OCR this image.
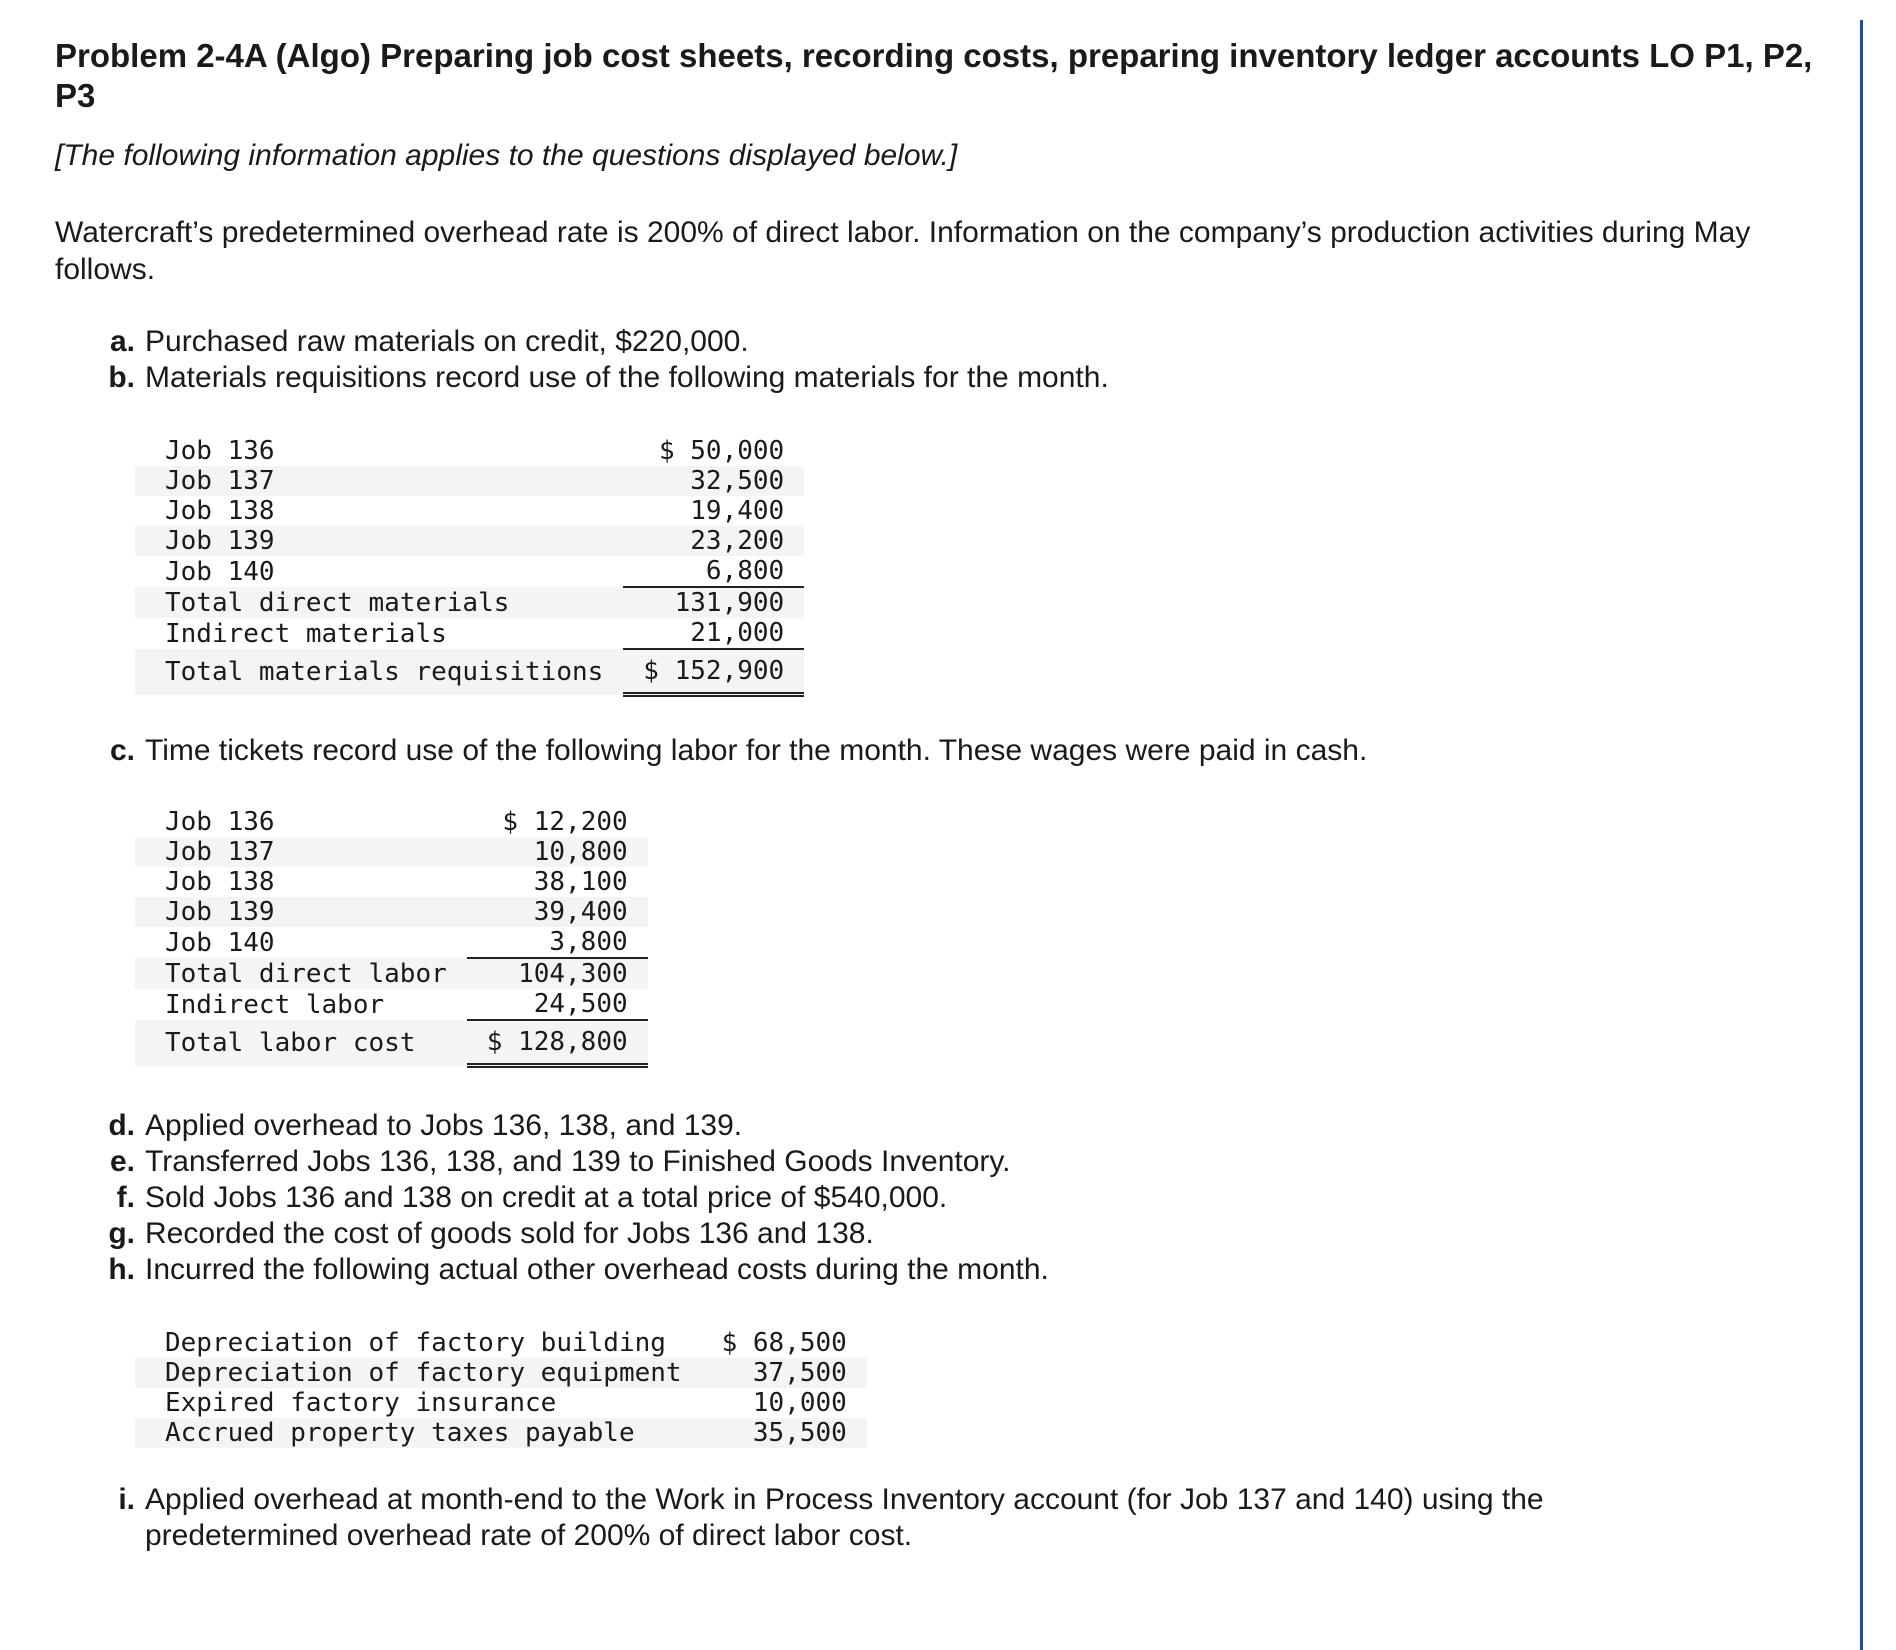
Problem 2-4A (Algo) Preparing job cost sheets, recording costs, preparing inventory ledger accounts LO P1, P2, P3
[The following information applies to the questions displayed below.]
Watercraft’s predetermined overhead rate is 200% of direct labor. Information on the company’s production activities during May follows.
a. Purchased raw materials on credit, $220,000.
b. Materials requisitions record use of the following materials for the month.
Job 136	$ 50,000
Job 137	32,500
Job 138	19,400
Job 139	23,200
Job 140	6,800
Total direct materials	131,900
Indirect materials	21,000
Total materials requisitions	$ 152,900
c. Time tickets record use of the following labor for the month. These wages were paid in cash.
Job 136	$ 12,200
Job 137	10,800
Job 138	38,100
Job 139	39,400
Job 140	3,800
Total direct labor	104,300
Indirect labor	24,500
Total labor cost	$ 128,800
d. Applied overhead to Jobs 136, 138, and 139.
e. Transferred Jobs 136, 138, and 139 to Finished Goods Inventory.
f. Sold Jobs 136 and 138 on credit at a total price of $540,000.
g. Recorded the cost of goods sold for Jobs 136 and 138.
h. Incurred the following actual other overhead costs during the month.
Depreciation of factory building	$ 68,500
Depreciation of factory equipment	37,500
Expired factory insurance	10,000
Accrued property taxes payable	35,500
i. Applied overhead at month-end to the Work in Process Inventory account (for Job 137 and 140) using the predetermined overhead rate of 200% of direct labor cost.
